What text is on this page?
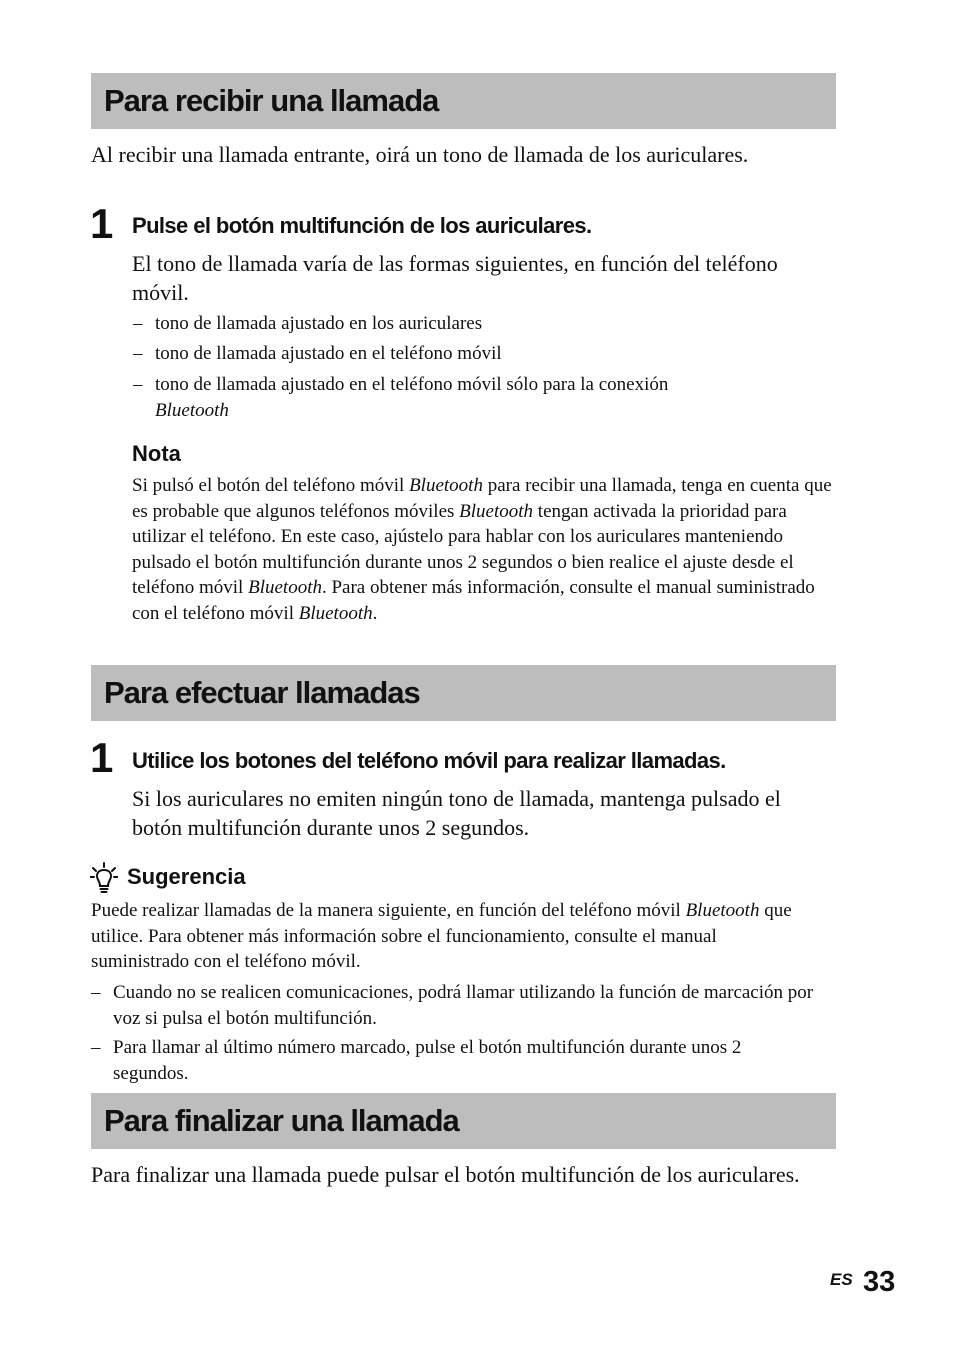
Para recibir una llamada
Al recibir una llamada entrante, oirá un tono de llamada de los auriculares.
1 Pulse el botón multifunción de los auriculares.
El tono de llamada varía de las formas siguientes, en función del teléfono móvil.
– tono de llamada ajustado en los auriculares
– tono de llamada ajustado en el teléfono móvil
– tono de llamada ajustado en el teléfono móvil sólo para la conexión
Bluetooth
Nota
Si pulsó el botón del teléfono móvil Bluetooth para recibir una llamada, tenga en cuenta que es probable que algunos teléfonos móviles Bluetooth tengan activada la prioridad para utilizar el teléfono. En este caso, ajústelo para hablar con los auriculares manteniendo pulsado el botón multifunción durante unos 2 segundos o bien realice el ajuste desde el teléfono móvil Bluetooth. Para obtener más información, consulte el manual suministrado con el teléfono móvil Bluetooth.
Para efectuar llamadas
1 Utilice los botones del teléfono móvil para realizar llamadas.
Si los auriculares no emiten ningún tono de llamada, mantenga pulsado el botón multifunción durante unos 2 segundos.
Sugerencia
Puede realizar llamadas de la manera siguiente, en función del teléfono móvil Bluetooth que utilice. Para obtener más información sobre el funcionamiento, consulte el manual suministrado con el teléfono móvil.
– Cuando no se realicen comunicaciones, podrá llamar utilizando la función de marcación por voz si pulsa el botón multifunción.
– Para llamar al último número marcado, pulse el botón multifunción durante unos 2 segundos.
Para finalizar una llamada
Para finalizar una llamada puede pulsar el botón multifunción de los auriculares.
ES 33
